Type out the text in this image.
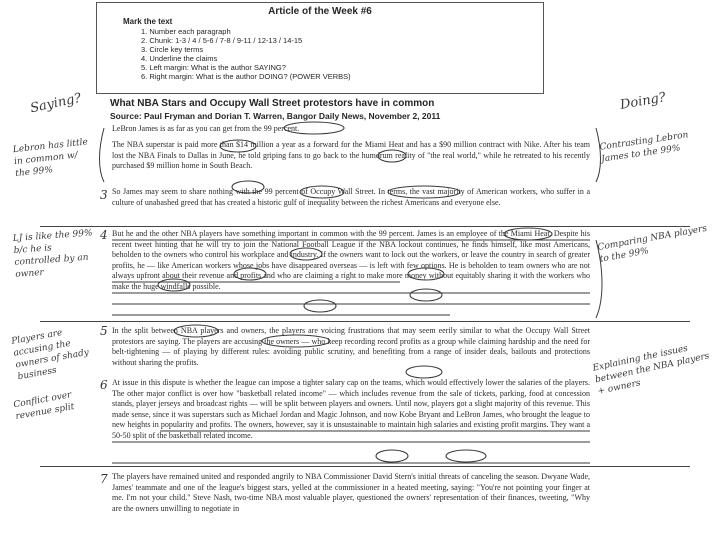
Article of the Week #6
Mark the text
1. Number each paragraph
2. Chunk: 1-3 / 4 / 5-6 / 7-8 / 9-11 / 12-13 / 14-15
3. Circle key terms
4. Underline the claims
5. Left margin: What is the author SAYING?
6. Right margin: What is the author DOING? (POWER VERBS)
What NBA Stars and Occupy Wall Street protestors have in common
Source: Paul Fryman and Dorian T. Warren, Bangor Daily News, November 2, 2011

LeBron James is as far as you can get from the 99 percent.

The NBA superstar is paid more than $14 million a year as a forward for the Miami Heat and has a $90 million contract with Nike. After his team lost the NBA Finals to Dallas in June, he told griping fans to go back to the humdrum reality of "the real world," while he retreated to his recently purchased $9 million home in South Beach.

So James may seem to share nothing with the 99 percent of Occupy Wall Street. In terms, the vast majority of American workers, who suffer in a culture of unabashed greed that has created a historic gulf of inequality between the richest Americans and everyone else.

But he and the other NBA players have something important in common with the 99 percent. James is an employee of the Miami Heat. Despite his recent tweet hinting that he will try to join the National Football League if the NBA lockout continues, he finds himself, like most Americans, beholden to the owners who control his workplace and industry. If the owners want to lock out the workers, or leave the country in search of greater profits, he — like American workers whose jobs have disappeared overseas — is left with few options. He is beholden to team owners who are not always upfront about their revenue and profits and who are claiming a right to make more money without equitably sharing it with the workers who make the huge windfalls possible.

In the split between NBA players and owners, the players are voicing frustrations that may seem eerily similar to what the Occupy Wall Street protestors are saying. The players are accusing the owners — who keep recording record profits as a group while claiming hardship and the need for belt-tightening — of playing by different rules: avoiding public scrutiny, and benefiting from a range of insider deals, bailouts and protections without sharing the profits.

At issue in this dispute is whether the league can impose a tighter salary cap on the teams, which would effectively lower the salaries of the players. The other major conflict is over how "basketball related income" — which includes revenue from the sale of tickets, parking, food at concession stands, player jerseys and broadcast rights — will be split between players and owners. Until now, players got a slight majority of this revenue. This made sense, since it was superstars such as Michael Jordan and Magic Johnson, and now Kobe Bryant and LeBron James, who brought the league to new heights in popularity and profits. The owners, however, say it is unsustainable to maintain high salaries and existing profit margins. They want a 50-50 split of the basketball related income.

The players have remained united and responded angrily to NBA Commissioner David Stern's initial threats of canceling the season. Dwyane Wade, James' teammate and one of the league's biggest stars, yelled at the commissioner in a heated meeting, saying: "You're not pointing your finger at me. I'm not your child." Steve Nash, two-time NBA most valuable player, questioned the owners' representation of their finances, tweeting, "Why are the owners unwilling to negotiate in

3
4
5
6
7
Saying?	Doing?
Lebron has little in common w/ the 99%
Contrasting Lebron James to the 99%
LJ is like the 99% b/c he is controlled by an owner
Comparing NBA players to the 99%
Players are accusing the owners of shady business
Explaining the issues between the NBA players + owners
Conflict over revenue split
